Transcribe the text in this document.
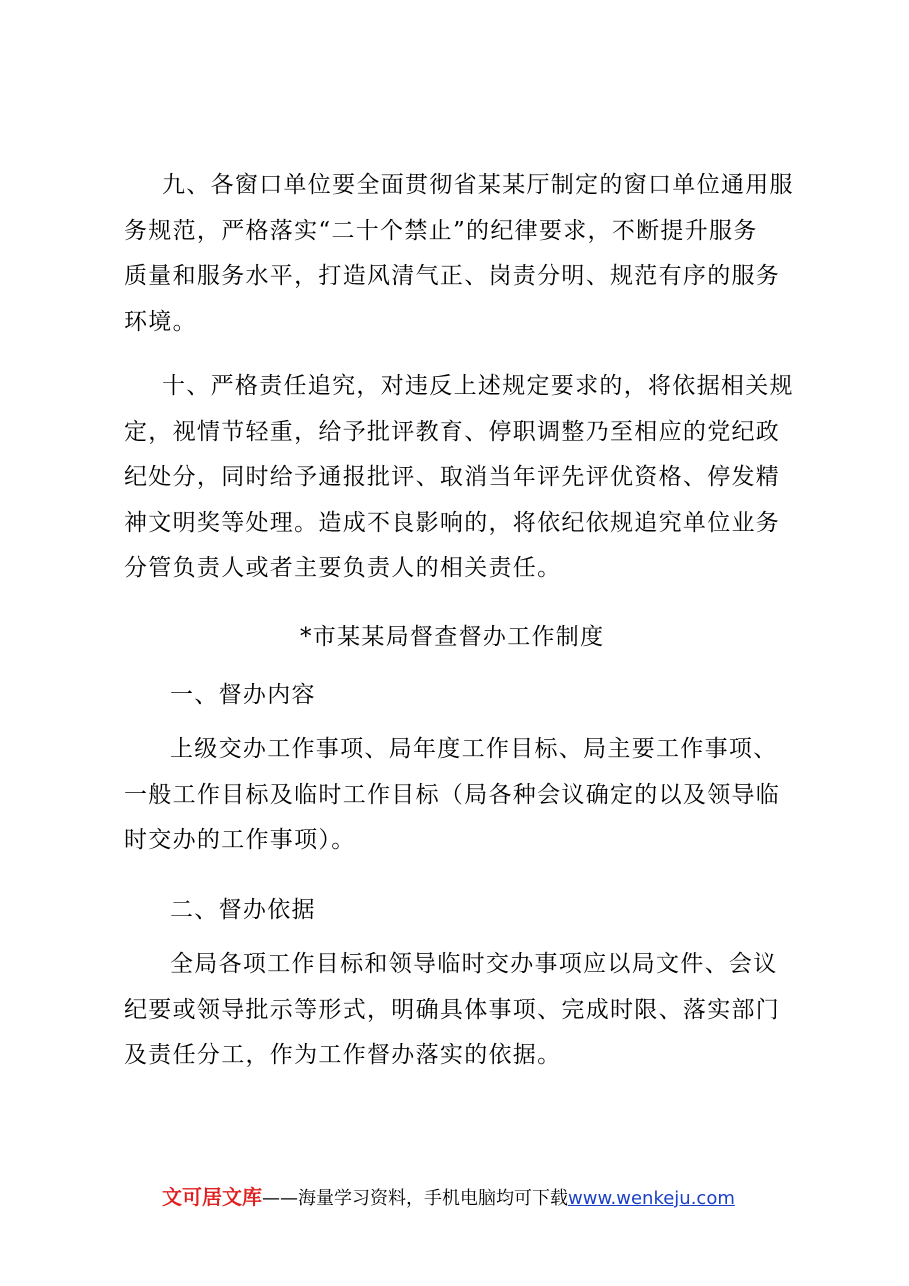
九、各窗口单位要全面贯彻省某某厅制定的窗口单位通用服
务规范，严格落实“二十个禁止”的纪律要求，不断提升服务
质量和服务水平，打造风清气正、岗责分明、规范有序的服务
环境。
十、严格责任追究，对违反上述规定要求的，将依据相关规
定，视情节轻重，给予批评教育、停职调整乃至相应的党纪政
纪处分，同时给予通报批评、取消当年评先评优资格、停发精
神文明奖等处理。造成不良影响的，将依纪依规追究单位业务
分管负责人或者主要负责人的相关责任。
*市某某局督查督办工作制度
一、督办内容
上级交办工作事项、局年度工作目标、局主要工作事项、
一般工作目标及临时工作目标（局各种会议确定的以及领导临
时交办的工作事项）。
二、督办依据
全局各项工作目标和领导临时交办事项应以局文件、会议
纪要或领导批示等形式，明确具体事项、完成时限、落实部门
及责任分工，作为工作督办落实的依据。
文可居文库——海量学习资料，手机电脑均可下载www.wenkeju.com
